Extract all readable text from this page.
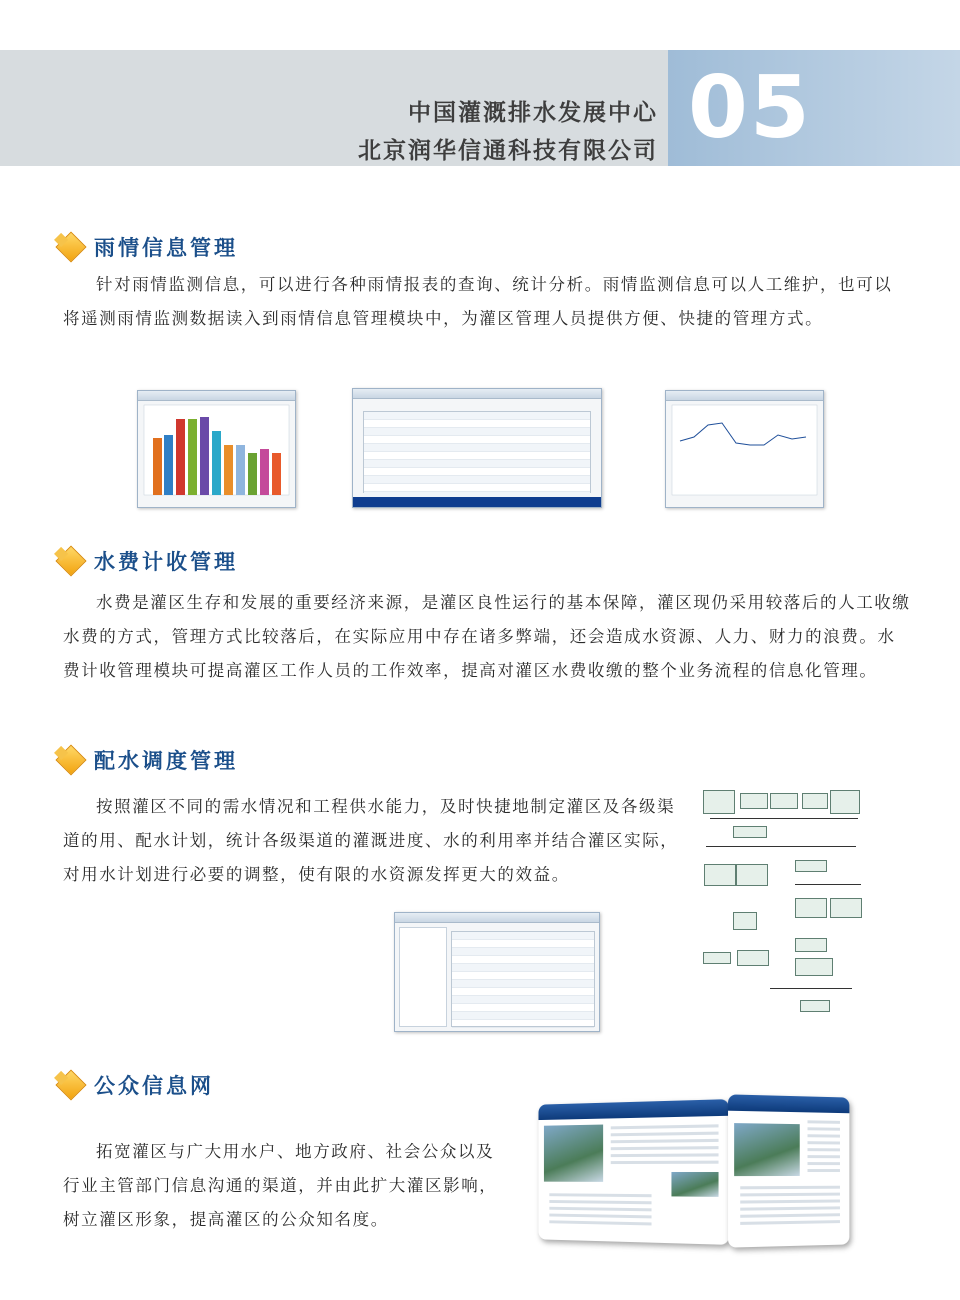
中国灌溉排水发展中心
北京润华信通科技有限公司 05
雨情信息管理
针对雨情监测信息，可以进行各种雨情报表的查询、统计分析。雨情监测信息可以人工维护，也可以将遥测雨情监测数据读入到雨情信息管理模块中，为灌区管理人员提供方便、快捷的管理方式。
水费计收管理
水费是灌区生存和发展的重要经济来源，是灌区良性运行的基本保障，灌区现仍采用较落后的人工收缴水费的方式，管理方式比较落后，在实际应用中存在诸多弊端，还会造成水资源、人力、财力的浪费。水费计收管理模块可提高灌区工作人员的工作效率，提高对灌区水费收缴的整个业务流程的信息化管理。
配水调度管理
按照灌区不同的需水情况和工程供水能力，及时快捷地制定灌区及各级渠道的用、配水计划，统计各级渠道的灌溉进度、水的利用率并结合灌区实际，对用水计划进行必要的调整，使有限的水资源发挥更大的效益。
公众信息网
拓宽灌区与广大用水户、地方政府、社会公众以及行业主管部门信息沟通的渠道，并由此扩大灌区影响，树立灌区形象，提高灌区的公众知名度。
